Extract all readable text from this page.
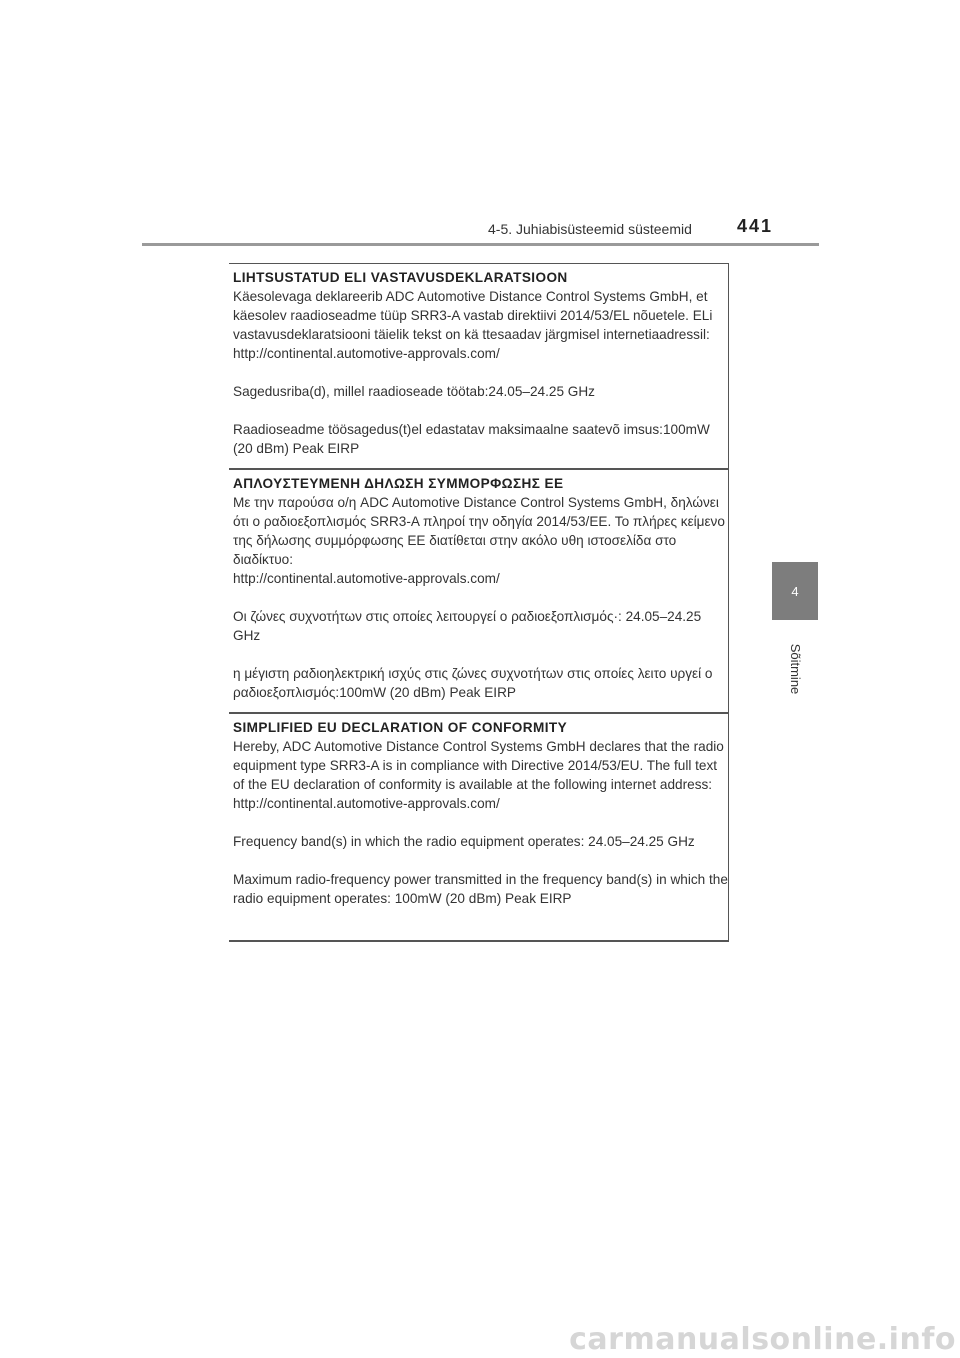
4-5. Juhiabisüsteemid süsteemid	441
4
Sõitmine
LIHTSUSTATUD ELI VASTAVUSDEKLARATSIOON

Käesolevaga deklareerib ADC Automotive Distance Control Systems GmbH, et käesolev raadioseadme tüüp SRR3-A vastab direktiivi 2014/53/EL nõuetele. ELi vastavusdeklaratsiooni täielik tekst on kä ttesaadav järgmisel internetiaadressil:
http://continental.automotive-approvals.com/

Sagedusriba(d), millel raadioseade töötab:24.05–24.25 GHz

Raadioseadme töösagedus(t)el edastatav maksimaalne saatevõ imsus:100mW (20 dBm) Peak EIRP

ΑΠΛΟΥΣΤΕΥΜΕΝΗ ΔΗΛΩΣΗ ΣΥΜΜΟΡΦΩΣΗΣ ΕΕ

Με την παρούσα ο/η ADC Automotive Distance Control Systems GmbH, δηλώνει ότι ο ραδιοεξοπλισμός SRR3-A πληροί την οδηγία 2014/53/ΕΕ. Το πλήρες κείμενο της δήλωσης συμμόρφωσης ΕΕ διατίθεται στην ακόλο υθη ιστοσελίδα στο διαδίκτυο:
http://continental.automotive-approvals.com/

Οι ζώνες συχνοτήτων στις οποίες λειτουργεί ο ραδιοεξοπλισμός·: 24.05–24.25 GHz

η μέγιστη ραδιοηλεκτρική ισχύς στις ζώνες συχνοτήτων στις οποίες λειτο υργεί ο ραδιοεξοπλισμός:100mW (20 dBm) Peak EIRP

SIMPLIFIED EU DECLARATION OF CONFORMITY

Hereby, ADC Automotive Distance Control Systems GmbH declares that the radio equipment type SRR3-A is in compliance with Directive 2014/53/EU. The full text of the EU declaration of conformity is available at the following internet address:
http://continental.automotive-approvals.com/

Frequency band(s) in which the radio equipment operates: 24.05–24.25 GHz

Maximum radio-frequency power transmitted in the frequency band(s) in which the radio equipment operates: 100mW (20 dBm) Peak EIRP

carmanualsonline.info
